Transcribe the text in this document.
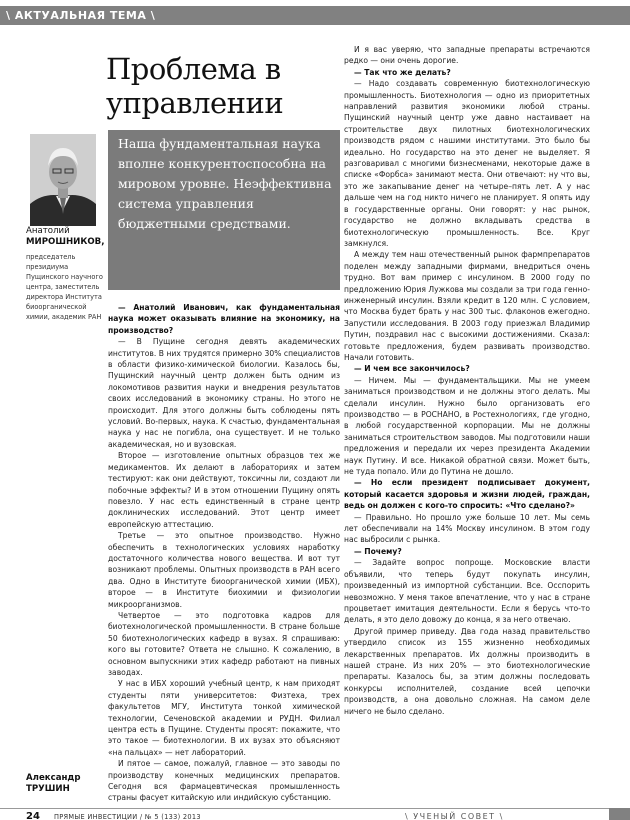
\ АКТУАЛЬНАЯ ТЕМА \
Проблема в управлении
Наша фундаментальная наука вполне конкурентоспособна на мировом уровне. Неэффективна система управления бюджетными средствами.
Анатолий
МИРОШНИКОВ,
председатель президиума Пущинского научного центра, заместитель директора Института биоорганической химии, академик РАН

— Анатолий Иванович, как фундаментальная наука может оказывать влияние на экономику, на производство?

— В Пущине сегодня девять академических институтов. В них трудятся примерно 30% специалистов в области физико-химической биологии. Казалось бы, Пущинский научный центр должен быть одним из локомотивов развития науки и внедрения результатов своих исследований в экономику страны. Но этого не происходит. Для этого должны быть соблюдены пять условий. Во-первых, наука. К счастью, фундаментальная наука у нас не погибла, она существует. И не только академическая, но и вузовская.

Второе — изготовление опытных образцов тех же медикаментов. Их делают в лабораториях и затем тестируют: как они действуют, токсичны ли, создают ли побочные эффекты? И в этом отношении Пущину опять повезло. У нас есть единственный в стране центр доклинических исследований. Этот центр имеет европейскую аттестацию.

Третье — это опытное производство. Нужно обеспечить в технологических условиях наработку достаточного количества нового вещества. И вот тут возникают проблемы. Опытных производств в РАН всего два. Одно в Институте биоорганической химии (ИБХ), второе — в Институте биохимии и физиологии микроорганизмов.

Четвертое — это подготовка кадров для биотехнологической промышленности. В стране больше 50 биотехнологических кафедр в вузах. Я спрашиваю: кого вы готовите? Ответа не слышно. К сожалению, в основном выпускники этих кафедр работают на пивных заводах.

У нас в ИБХ хороший учебный центр, к нам приходят студенты пяти университетов: Физтеха, трех факультетов МГУ, Института тонкой химической технологии, Сеченовской академии и РУДН. Филиал центра есть в Пущине. Студенты просят: покажите, что это такое — биотехнологии. В их вузах это объясняют «на пальцах» — нет лабораторий.

И пятое — самое, пожалуй, главное — это заводы по производству конечных медицинских препаратов. Сегодня вся фармацевтическая промышленность страны фасует китайскую или индийскую субстанцию.

И я вас уверяю, что западные препараты встречаются редко — они очень дорогие.

— Так что же делать?

— Надо создавать современную биотехнологическую промышленность. Биотехнология — одно из приоритетных направлений развития экономики любой страны. Пущинский научный центр уже давно настаивает на строительстве двух пилотных биотехнологических производств рядом с нашими институтами. Это было бы идеально. Но государство на это денег не выделяет. Я разговаривал с многими бизнесменами, некоторые даже в списке «Форбса» занимают места. Они отвечают: ну что вы, это же закапывание денег на четыре–пять лет. А у нас дальше чем на год никто ничего не планирует. Я опять иду в государственные органы. Они говорят: у нас рынок, государство не должно вкладывать средства в биотехнологическую промышленность. Все. Круг замкнулся.

А между тем наш отечественный рынок фармпрепаратов поделен между западными фирмами, внедриться очень трудно. Вот вам пример с инсулином. В 2000 году по предложению Юрия Лужкова мы создали за три года генно-инженерный инсулин. Взяли кредит в 120 млн. С условием, что Москва будет брать у нас 300 тыс. флаконов ежегодно. Запустили исследования. В 2003 году приезжал Владимир Путин, поздравил нас с высокими достижениями. Сказал: готовьте предложения, будем развивать производство. Начали готовить.

— И чем все закончилось?

— Ничем. Мы — фундаментальщики. Мы не умеем заниматься производством и не должны этого делать. Мы сделали инсулин. Нужно было организовать его производство — в РОСНАНО, в Ростехнологиях, где угодно, в любой государственной корпорации. Мы не должны заниматься строительством заводов. Мы подготовили наши предложения и передали их через президента Академии наук Путину. И все. Никакой обратной связи. Может быть, не туда попало. Или до Путина не дошло.

— Но если президент подписывает документ, который касается здоровья и жизни людей, граждан, ведь он должен с кого-то спросить: «Что сделано?»

— Правильно. Но прошло уже больше 10 лет. Мы семь лет обеспечивали на 14% Москву инсулином. В этом году нас выбросили с рынка.

— Почему?

— Задайте вопрос попроще. Московские власти объявили, что теперь будут покупать инсулин, произведенный из импортной субстанции. Все. Осспорить невозможно. У меня такое впечатление, что у нас в стране процветает имитация деятельности. Если я берусь что-то делать, я это дело довожу до конца, я за него отвечаю.

Другой пример приведу. Два года назад правительство утвердило список из 155 жизненно необходимых лекарственных препаратов. Их должны производить в нашей стране. Из них 20% — это биотехнологические препараты. Казалось бы, за этим должны последовать конкурсы исполнителей, создание всей цепочки производств, а она довольно сложная. На самом деле ничего не было сделано.

Александр
ТРУШИН
24 ПРЯМЫЕ ИНВЕСТИЦИИ / № 5 (133) 2013	\ УЧЕНЫЙ СОВЕТ \
